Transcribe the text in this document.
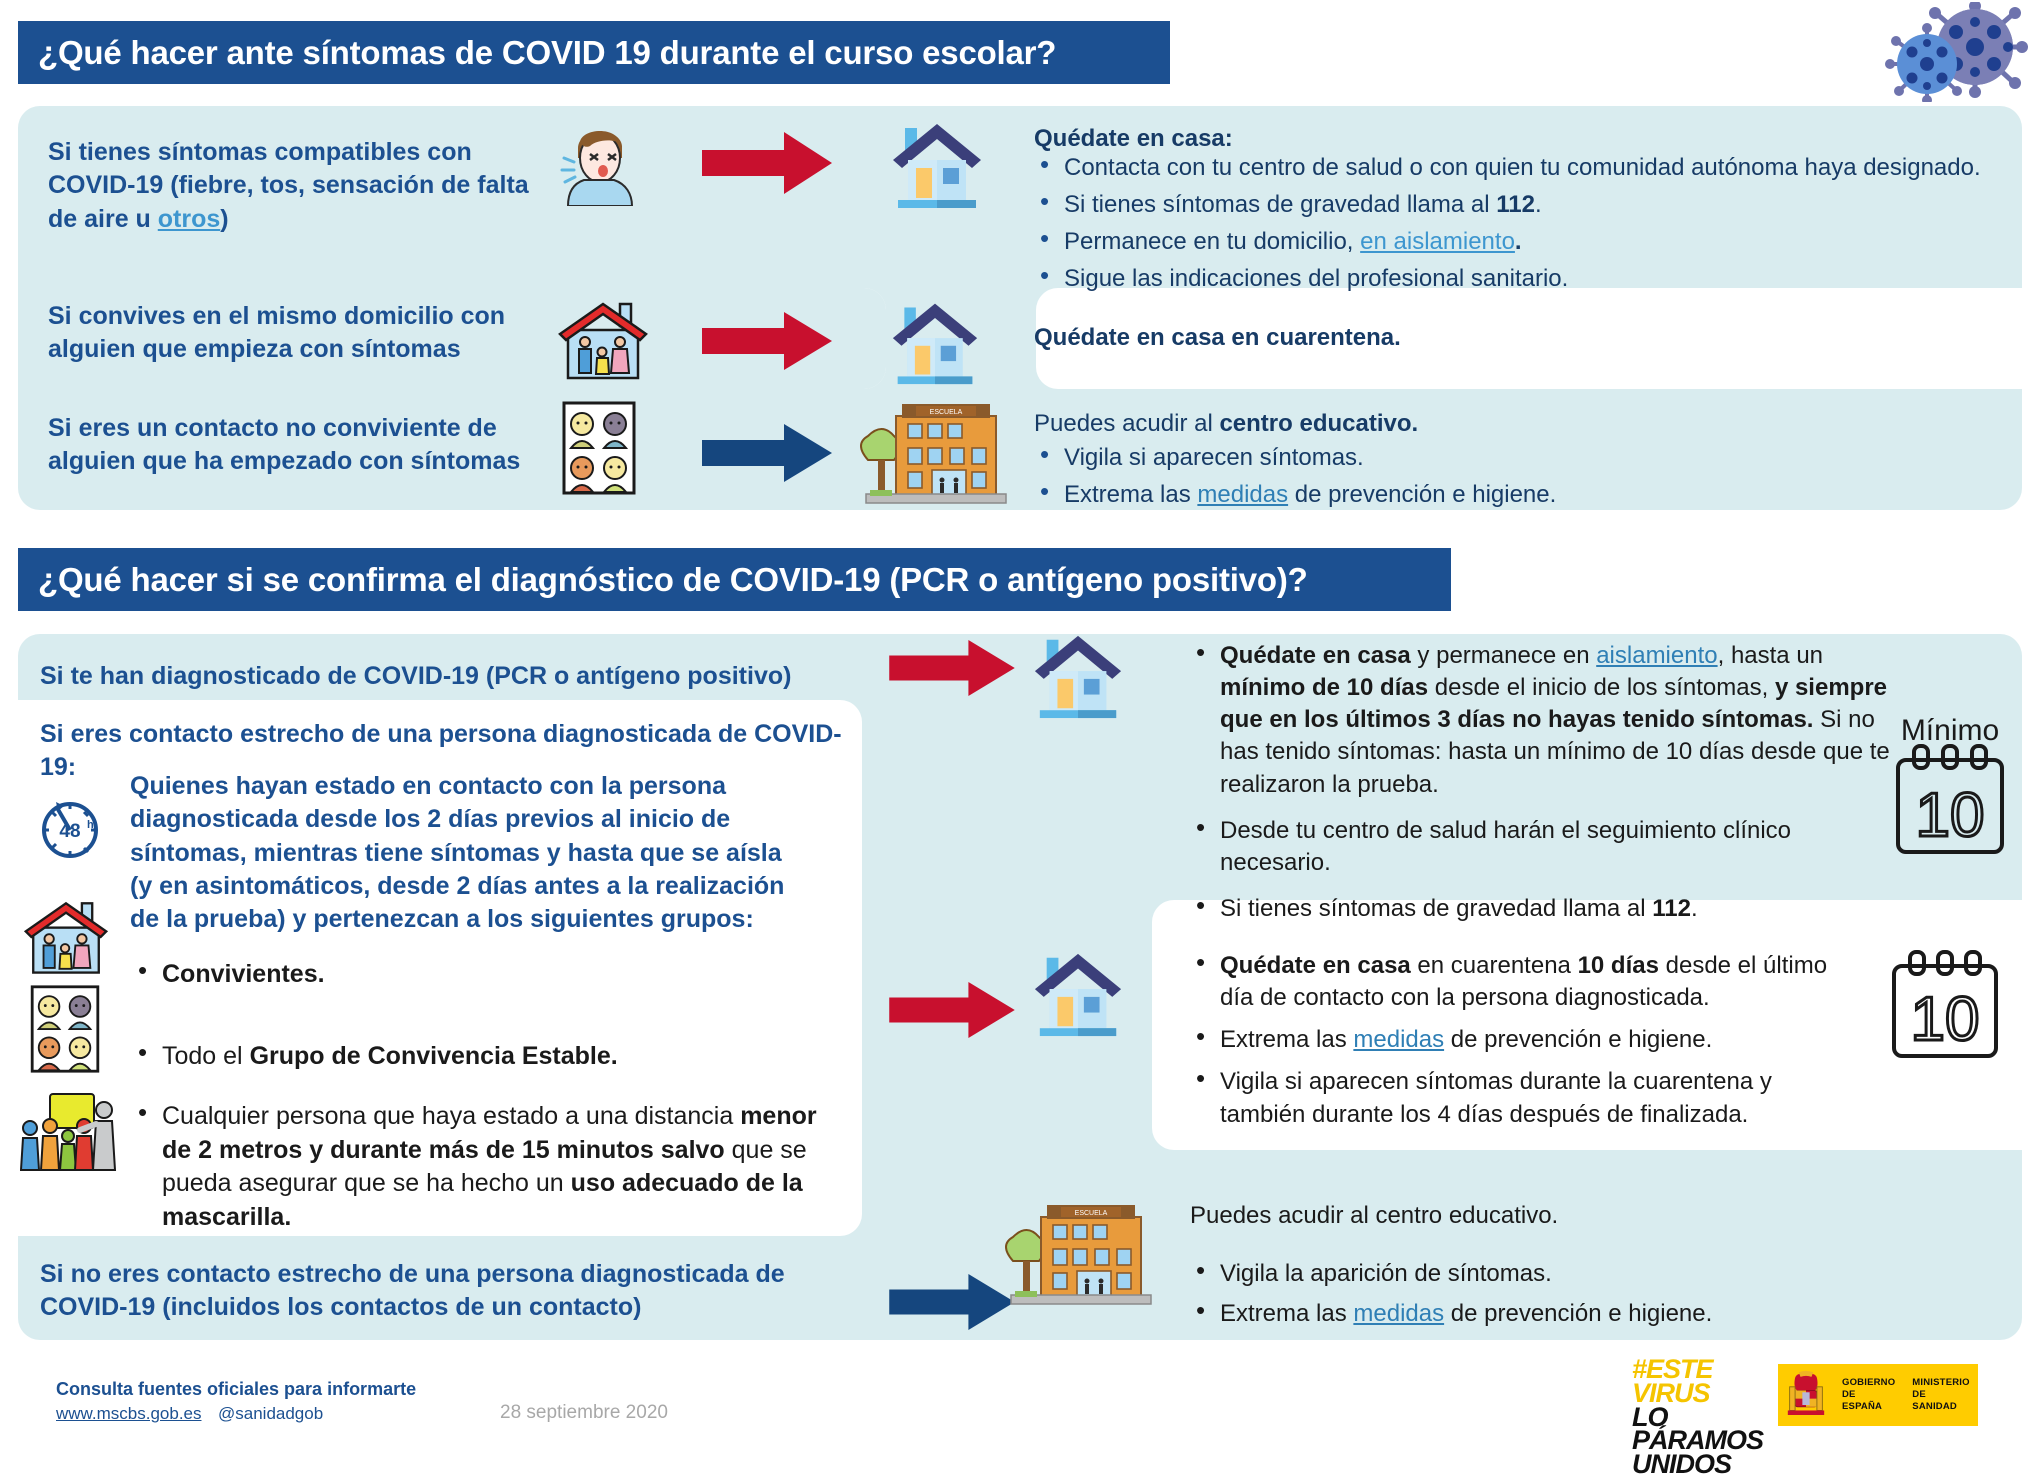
¿Qué hacer ante síntomas de COVID 19 durante el curso escolar?
Si tienes síntomas compatibles con COVID-19 (fiebre, tos, sensación de falta de aire u otros)
Quédate en casa:
• Contacta con tu centro de salud o con quien tu comunidad autónoma haya designado.
• Si tienes síntomas de gravedad llama al 112.
• Permanece en tu domicilio, en aislamiento.
• Sigue las indicaciones del profesional sanitario.
Si convives en el mismo domicilio con alguien que empieza con síntomas	Quédate en casa en cuarentena.
Si eres un contacto no conviviente de alguien que ha empezado con síntomas
ESCUELA	Puedes acudir al centro educativo.
• Vigila si aparecen síntomas.
• Extrema las medidas de prevención e higiene.
¿Qué hacer si se confirma el diagnóstico de COVID-19 (PCR o antígeno positivo)?
Si te han diagnosticado de COVID-19 (PCR o antígeno positivo)
Si eres contacto estrecho de una persona diagnosticada de COVID-19:
48 h
Quienes hayan estado en contacto con la persona diagnosticada desde los 2 días previos al inicio de síntomas, mientras tiene síntomas y hasta que se aísla (y en asintomáticos, desde 2 días antes a la realización de la prueba) y pertenezcan a los siguientes grupos:
• Convivientes.
• Todo el Grupo de Convivencia Estable.
• Cualquier persona que haya estado a una distancia menor de 2 metros y durante más de 15 minutos salvo que se pueda asegurar que se ha hecho un uso adecuado de la mascarilla.
Si no eres contacto estrecho de una persona diagnosticada de COVID-19 (incluidos los contactos de un contacto)
• Quédate en casa y permanece en aislamiento, hasta un mínimo de 10 días desde el inicio de los síntomas, y siempre que en los últimos 3 días no hayas tenido síntomas. Si no has tenido síntomas: hasta un mínimo de 10 días desde que te realizaron la prueba.
• Desde tu centro de salud harán el seguimiento clínico necesario.
• Si tienes síntomas de gravedad llama al 112.
Mínimo
10
• Quédate en casa en cuarentena 10 días desde el último día de contacto con la persona diagnosticada.
• Extrema las medidas de prevención e higiene.
• Vigila si aparecen síntomas durante la cuarentena y también durante los 4 días después de finalizada.
10
ESCUELA	Puedes acudir al centro educativo.
• Vigila la aparición de síntomas.
• Extrema las medidas de prevención e higiene.
Consulta fuentes oficiales para informarte
www.mscbs.gob.es @sanidadgob	28 septiembre 2020
#ESTE
VIRUS
LO
PÁRAMOS
UNIDOS
GOBIERNO
DE ESPAÑA
MINISTERIO
DE SANIDAD
